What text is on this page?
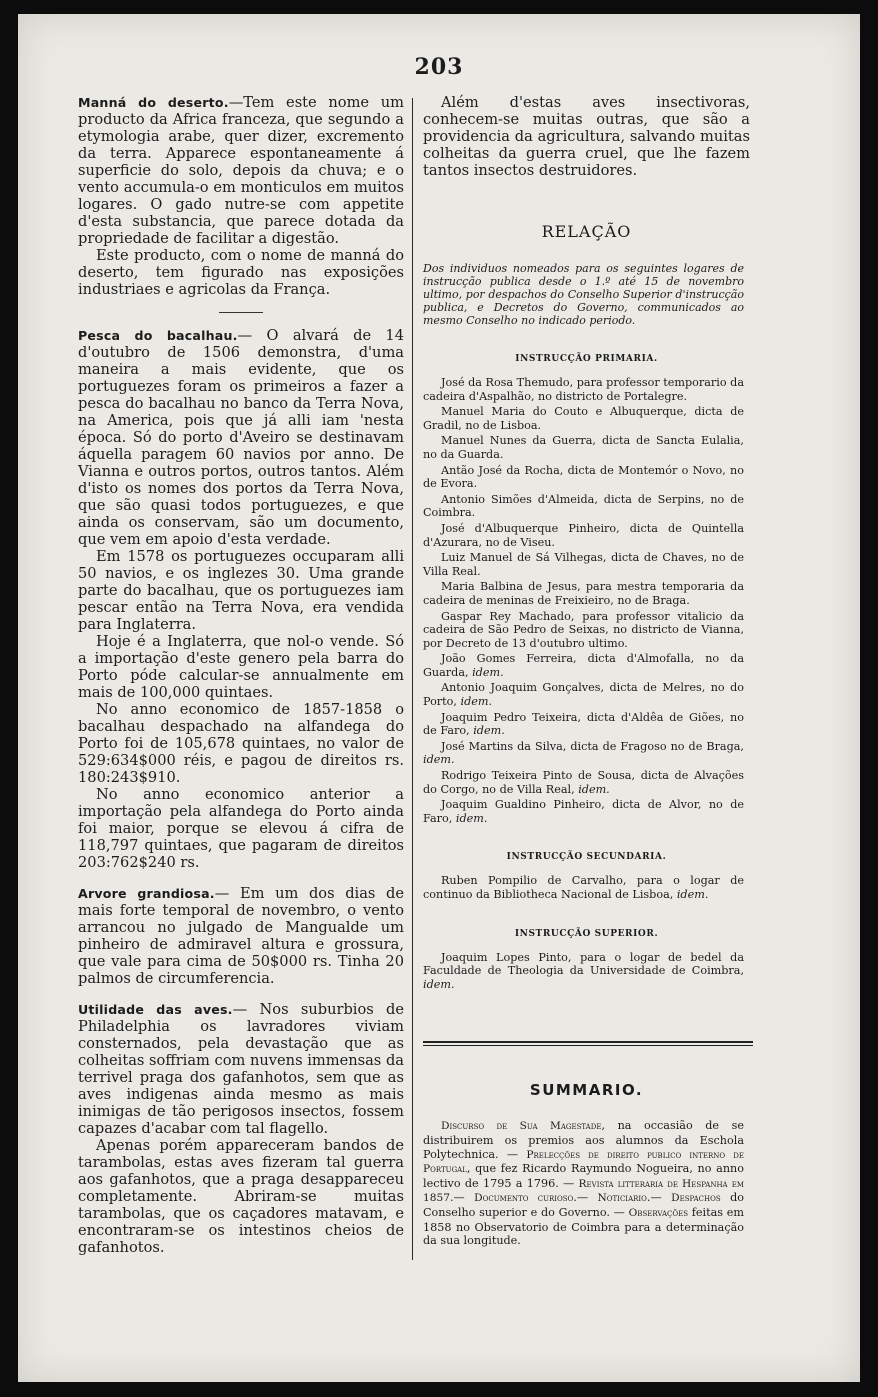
203

Manná do deserto.—Tem este nome um producto da Africa franceza, que segundo a etymologia arabe, quer dizer, excremento da terra. Apparece espontaneamente á superficie do solo, depois da chuva; e o vento accumula-o em monticulos em muitos logares. O gado nutre-se com appetite d'esta substancia, que parece dotada da propriedade de facilitar a digestão.

Este producto, com o nome de manná do deserto, tem figurado nas exposições industriaes e agricolas da França.

Pesca do bacalhau.— O alvará de 14 d'outubro de 1506 demonstra, d'uma maneira a mais evidente, que os portuguezes foram os primeiros a fazer a pesca do bacalhau no banco da Terra Nova, na America, pois que já alli iam 'nesta época. Só do porto d'Aveiro se destinavam áquella paragem 60 navios por anno. De Vianna e outros portos, outros tantos. Além d'isto os nomes dos portos da Terra Nova, que são quasi todos portuguezes, e que ainda os conservam, são um documento, que vem em apoio d'esta verdade.

Em 1578 os portuguezes occuparam alli 50 navios, e os inglezes 30. Uma grande parte do bacalhau, que os portuguezes iam pescar então na Terra Nova, era vendida para Inglaterra.

Hoje é a Inglaterra, que nol-o vende. Só a importação d'este genero pela barra do Porto póde calcular-se annualmente em mais de 100,000 quintaes.

No anno economico de 1857-1858 o bacalhau despachado na alfandega do Porto foi de 105,678 quintaes, no valor de 529:634$000 réis, e pagou de direitos rs. 180:243$910.

No anno economico anterior a importação pela alfandega do Porto ainda foi maior, porque se elevou á cifra de 118,797 quintaes, que pagaram de direitos 203:762$240 rs.

Arvore grandiosa.— Em um dos dias de mais forte temporal de novembro, o vento arrancou no julgado de Mangualde um pinheiro de admiravel altura e grossura, que vale para cima de 50$000 rs. Tinha 20 palmos de circumferencia.

Utilidade das aves.— Nos suburbios de Philadelphia os lavradores viviam consternados, pela devastação que as colheitas soffriam com nuvens immensas da terrivel praga dos gafanhotos, sem que as aves indigenas ainda mesmo as mais inimigas de tão perigosos insectos, fossem capazes d'acabar com tal flagello.

Apenas porém appareceram bandos de tarambolas, estas aves fizeram tal guerra aos gafanhotos, que a praga desappareceu completamente. Abriram-se muitas tarambolas, que os caçadores matavam, e encontraram-se os intestinos cheios de gafanhotos.

Além d'estas aves insectivoras, conhecem-se muitas outras, que são a providencia da agricultura, salvando muitas colheitas da guerra cruel, que lhe fazem tantos insectos destruidores.

RELAÇÃO

Dos individuos nomeados para os seguintes logares de instrucção publica desde o 1.º até 15 de novembro ultimo, por despachos do Conselho Superior d'instrucção publica, e Decretos do Governo, communicados ao mesmo Conselho no indicado periodo.

INSTRUCÇÃO PRIMARIA.

José da Rosa Themudo, para professor temporario da cadeira d'Aspalhão, no districto de Portalegre.

Manuel Maria do Couto e Albuquerque, dicta de Gradil, no de Lisboa.

Manuel Nunes da Guerra, dicta de Sancta Eulalia, no da Guarda.

Antão José da Rocha, dicta de Montemór o Novo, no de Evora.

Antonio Simões d'Almeida, dicta de Serpins, no de Coimbra.

José d'Albuquerque Pinheiro, dicta de Quintella d'Azurara, no de Viseu.

Luiz Manuel de Sá Vilhegas, dicta de Chaves, no de Villa Real.

Maria Balbina de Jesus, para mestra temporaria da cadeira de meninas de Freixieiro, no de Braga.

Gaspar Rey Machado, para professor vitalicio da cadeira de São Pedro de Seixas, no districto de Vianna, por Decreto de 13 d'outubro ultimo.

João Gomes Ferreira, dicta d'Almofalla, no da Guarda, idem.

Antonio Joaquim Gonçalves, dicta de Melres, no do Porto, idem.

Joaquim Pedro Teixeira, dicta d'Aldêa de Giões, no de Faro, idem.

José Martins da Silva, dicta de Fragoso no de Braga, idem.

Rodrigo Teixeira Pinto de Sousa, dicta de Alvações do Corgo, no de Villa Real, idem.

Joaquim Gualdino Pinheiro, dicta de Alvor, no de Faro, idem.

INSTRUCÇÃO SECUNDARIA.

Ruben Pompilio de Carvalho, para o logar de continuo da Bibliotheca Nacional de Lisboa, idem.

INSTRUCÇÃO SUPERIOR.

Joaquim Lopes Pinto, para o logar de bedel da Faculdade de Theologia da Universidade de Coimbra, idem.

SUMMARIO.

Discurso de Sua Magestade, na occasião de se distribuirem os premios aos alumnos da Eschola Polytechnica. — Prelecções de direito publico interno de Portugal, que fez Ricardo Raymundo Nogueira, no anno lectivo de 1795 a 1796. — Revista litteraria de Hespanha em 1857.— Documento curioso.— Noticiario.— Despachos do Conselho superior e do Governo. — Observações feitas em 1858 no Observatorio de Coimbra para a determinação da sua longitude.
